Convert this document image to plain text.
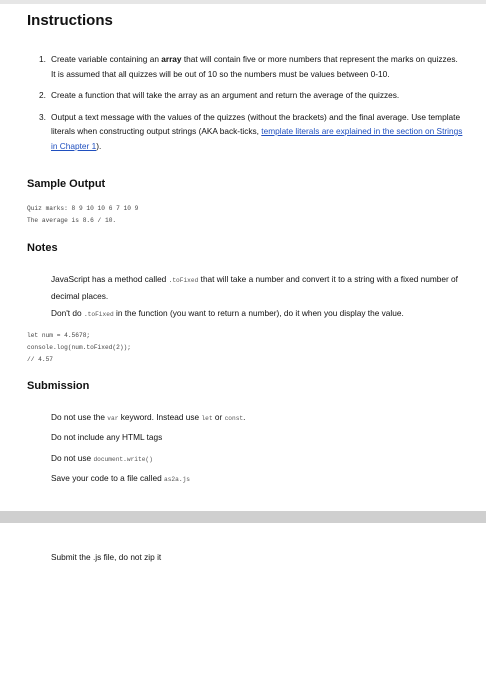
Instructions
1. Create variable containing an array that will contain five or more numbers that represent the marks on quizzes. It is assumed that all quizzes will be out of 10 so the numbers must be values between 0-10.
2. Create a function that will take the array as an argument and return the average of the quizzes.
3. Output a text message with the values of the quizzes (without the brackets) and the final average. Use template literals when constructing output strings (AKA back-ticks, template literals are explained in the section on Strings in Chapter 1).
Sample Output
Quiz marks: 8 9 10 10 6 7 10 9
The average is 8.6 / 10.
Notes

JavaScript has a method called .toFixed that will take a number and convert it to a string with a fixed number of decimal places.

Don't do .toFixed in the function (you want to return a number), do it when you display the value.

let num = 4.5678;
console.log(num.toFixed(2));
// 4.57
Submission

Do not use the var keyword. Instead use let or const.

Do not include any HTML tags

Do not use document.write()

Save your code to a file called as2a.js

Submit the .js file, do not zip it
